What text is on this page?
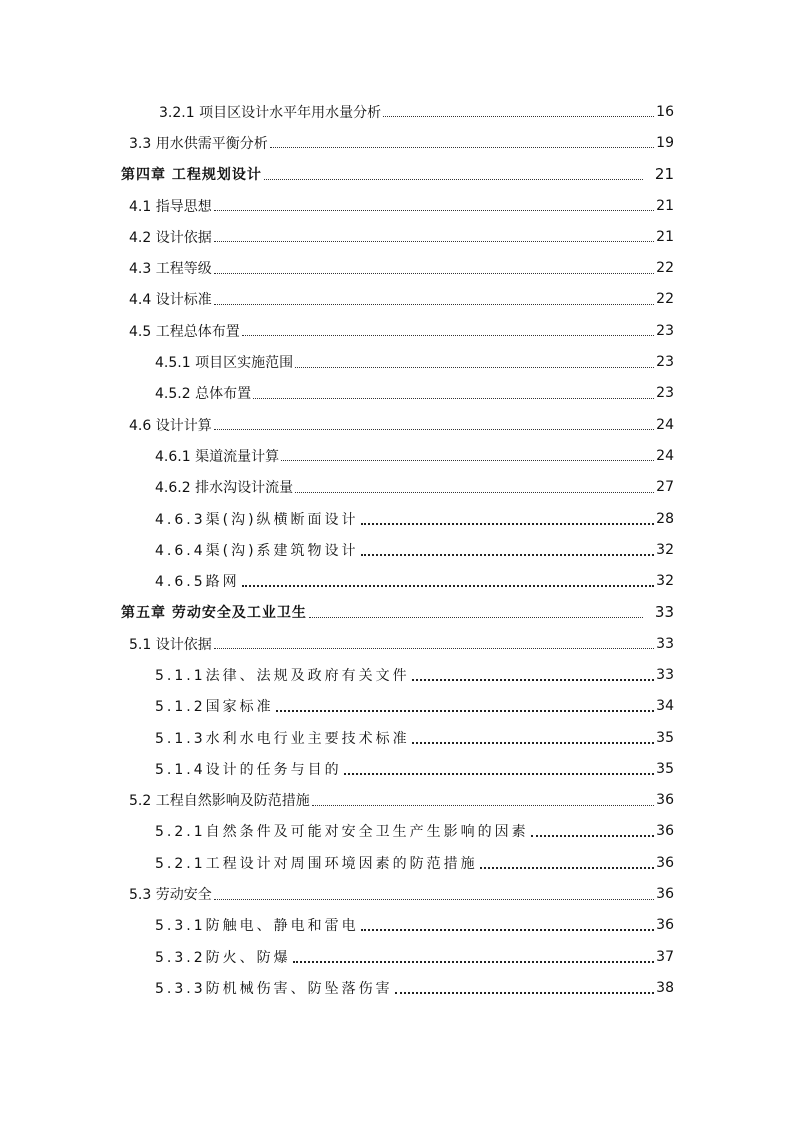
3.2.1 项目区设计水平年用水量分析	16
3.3 用水供需平衡分析	19
第四章 工程规划设计	21
4.1 指导思想	21
4.2 设计依据	21
4.3 工程等级	22
4.4 设计标准	22
4.5 工程总体布置	23
4.5.1 项目区实施范围	23
4.5.2 总体布置	23
4.6 设计计算	24
4.6.1 渠道流量计算	24
4.6.2 排水沟设计流量	27
4.6.3渠(沟)纵横断面设计	28
4.6.4渠(沟)系建筑物设计	32
4.6.5路网	32
第五章 劳动安全及工业卫生	33
5.1 设计依据	33
5.1.1法律、法规及政府有关文件	33
5.1.2国家标准	34
5.1.3水利水电行业主要技术标准	35
5.1.4设计的任务与目的	35
5.2 工程自然影响及防范措施	36
5.2.1自然条件及可能对安全卫生产生影响的因素	36
5.2.1工程设计对周围环境因素的防范措施	36
5.3 劳动安全	36
5.3.1防触电、静电和雷电	36
5.3.2防火、防爆	37
5.3.3防机械伤害、防坠落伤害	38
